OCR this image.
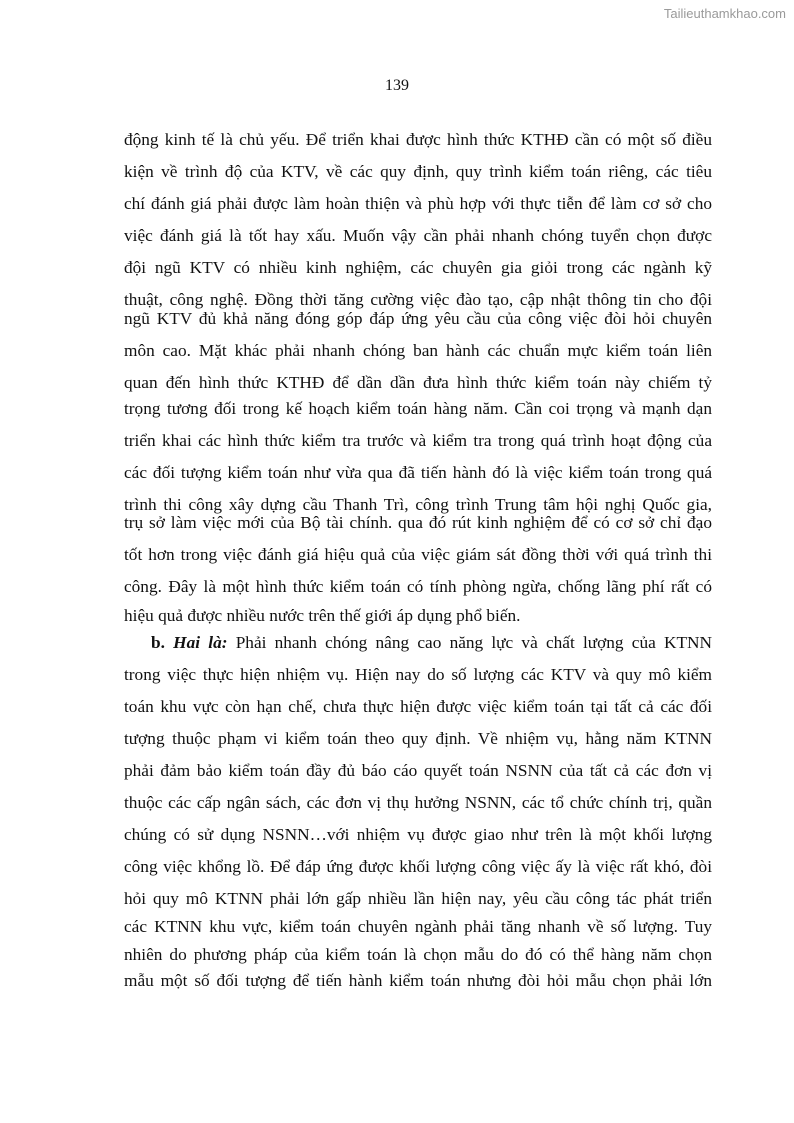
Tailieuthamkhao.com
139
động kinh tế là chủ yếu. Để triển khai được hình thức KTHĐ cần có một số điều
kiện về trình độ của KTV, về các quy định, quy trình kiểm toán riêng, các tiêu
chí đánh giá phải được làm hoàn thiện và phù hợp với thực tiễn để làm cơ sở cho
việc đánh giá là tốt hay xấu. Muốn vậy cần phải nhanh chóng tuyển chọn được
đội ngũ KTV có nhiều kinh nghiệm, các chuyên gia giỏi trong các ngành kỹ
thuật, công nghệ. Đồng thời tăng cường việc đào tạo, cập nhật thông tin cho đội
ngũ KTV đủ khả năng đóng góp đáp ứng yêu cầu của công việc đòi hỏi chuyên
môn cao. Mặt khác phải nhanh chóng ban hành các chuẩn mực kiểm toán liên
quan đến hình thức KTHĐ để dần dần đưa hình thức kiểm toán này chiếm tỷ
trọng tương đối trong kế hoạch kiểm toán hàng năm. Cần coi trọng và mạnh dạn
triển khai các hình thức kiểm tra trước và kiểm tra trong quá trình hoạt động của
các đối tượng kiểm toán như vừa qua đã tiến hành đó là việc kiểm toán trong quá
trình thi công xây dựng cầu Thanh Trì, công trình Trung tâm hội nghị Quốc gia,
trụ sở làm việc mới của Bộ tài chính. qua đó rút kinh nghiệm để có cơ sở chỉ đạo
tốt hơn trong việc đánh giá hiệu quả của việc giám sát đồng thời với quá trình thi
công. Đây là một hình thức kiểm toán có tính phòng ngừa, chống lãng phí rất có
hiệu quả được nhiều nước trên thế giới áp dụng phổ biến.
b. Hai là: Phải nhanh chóng nâng cao năng lực và chất lượng của KTNN
trong việc thực hiện nhiệm vụ. Hiện nay do số lượng các KTV và quy mô kiểm
toán khu vực còn hạn chế, chưa thực hiện được việc kiểm toán tại tất cả các đối
tượng thuộc phạm vi kiểm toán theo quy định. Về nhiệm vụ, hằng năm KTNN
phải đảm bảo kiểm toán đầy đủ báo cáo quyết toán NSNN của tất cả các đơn vị
thuộc các cấp ngân sách, các đơn vị thụ hưởng NSNN, các tổ chức chính trị, quần
chúng có sử dụng NSNN…với nhiệm vụ được giao như trên là một khối lượng
công việc khổng lồ. Để đáp ứng được khối lượng công việc ấy là việc rất khó, đòi
hỏi quy mô KTNN phải lớn gấp nhiều lần hiện nay, yêu cầu công tác phát triển
các KTNN khu vực, kiểm toán chuyên ngành phải tăng nhanh về số lượng. Tuy
nhiên do phương pháp của kiểm toán là chọn mẫu do đó có thể hàng năm chọn
mẫu một số đối tượng để tiến hành kiểm toán nhưng đòi hỏi mẫu chọn phải lớn
